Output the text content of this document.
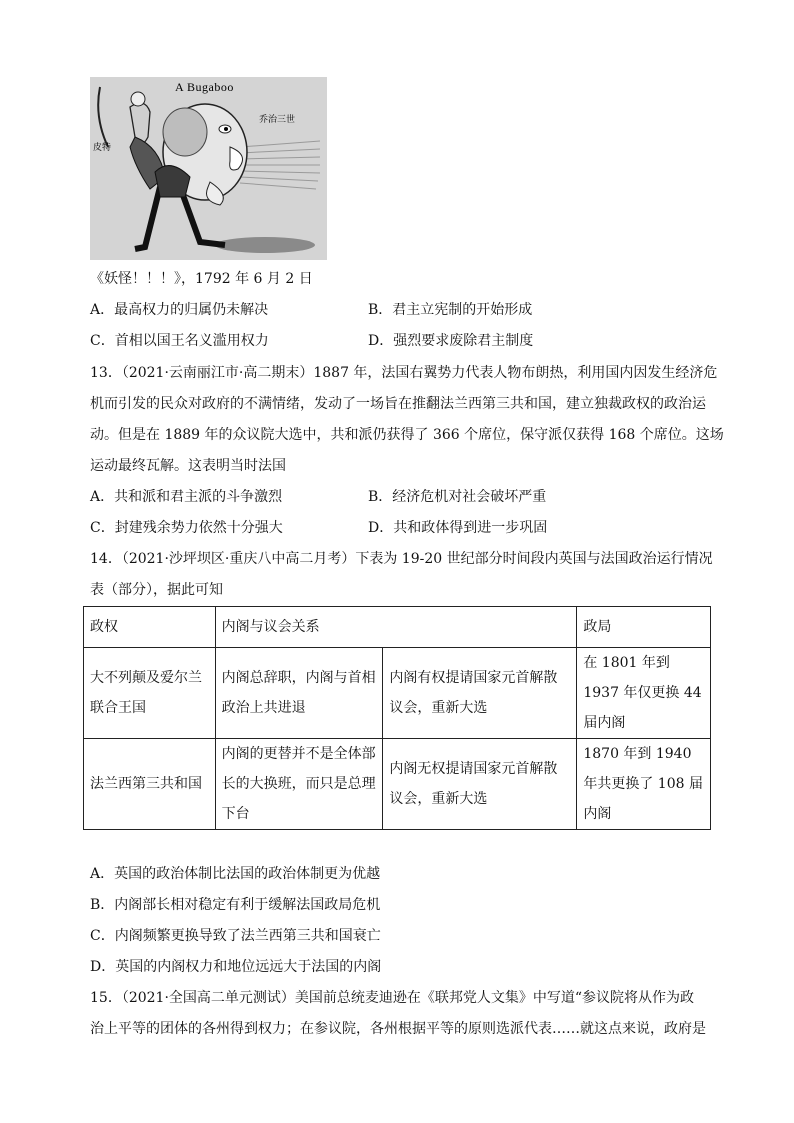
A Bugaboo
皮特
乔治三世
《妖怪！！！》，1792 年 6 月 2 日
A．最高权力的归属仍未解决	B．君主立宪制的开始形成
C．首相以国王名义滥用权力	D．强烈要求废除君主制度
13．（2021·云南丽江市·高二期末）1887 年，法国右翼势力代表人物布朗热，利用国内因发生经济危
机而引发的民众对政府的不满情绪，发动了一场旨在推翻法兰西第三共和国，建立独裁政权的政治运
动。但是在 1889 年的众议院大选中，共和派仍获得了 366 个席位，保守派仅获得 168 个席位。这场
运动最终瓦解。这表明当时法国
A．共和派和君主派的斗争激烈	B．经济危机对社会破坏严重
C．封建残余势力依然十分强大	D．共和政体得到进一步巩固
14．（2021·沙坪坝区·重庆八中高二月考）下表为 19-20 世纪部分时间段内英国与法国政治运行情况
表（部分），据此可知
政权	内阁与议会关系		政局
大不列颠及爱尔兰联合王国	内阁总辞职，内阁与首相政治上共进退	内阁有权提请国家元首解散议会，重新大选	在 1801 年到 1937 年仅更换 44 届内阁
法兰西第三共和国	内阁的更替并不是全体部长的大换班，而只是总理下台	内阁无权提请国家元首解散议会，重新大选	1870 年到 1940 年共更换了 108 届内阁
A．英国的政治体制比法国的政治体制更为优越
B．内阁部长相对稳定有利于缓解法国政局危机
C．内阁频繁更换导致了法兰西第三共和国衰亡
D．英国的内阁权力和地位远远大于法国的内阁
15．（2021·全国高二单元测试）美国前总统麦迪逊在《联邦党人文集》中写道“参议院将从作为政
治上平等的团体的各州得到权力；在参议院，各州根据平等的原则选派代表……就这点来说，政府是
